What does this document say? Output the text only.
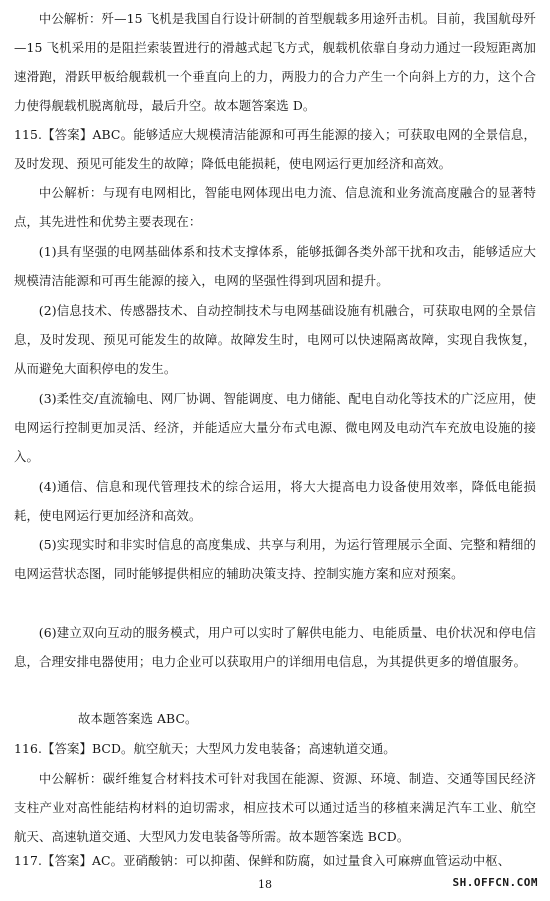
中公解析：歼—15 飞机是我国自行设计研制的首型舰载多用途歼击机。目前，我国航母歼—15 飞机采用的是阻拦索装置进行的滑越式起飞方式，舰载机依靠自身动力通过一段短距离加速滑跑，滑跃甲板给舰载机一个垂直向上的力，两股力的合力产生一个向斜上方的力，这个合力使得舰载机脱离航母，最后升空。故本题答案选 D。

115.【答案】ABC。能够适应大规模清洁能源和可再生能源的接入；可获取电网的全景信息，及时发现、预见可能发生的故障；降低电能损耗，使电网运行更加经济和高效。

中公解析：与现有电网相比，智能电网体现出电力流、信息流和业务流高度融合的显著特点，其先进性和优势主要表现在：

(1)具有坚强的电网基础体系和技术支撑体系，能够抵御各类外部干扰和攻击，能够适应大规模清洁能源和可再生能源的接入，电网的坚强性得到巩固和提升。

(2)信息技术、传感器技术、自动控制技术与电网基础设施有机融合，可获取电网的全景信息，及时发现、预见可能发生的故障。故障发生时，电网可以快速隔离故障，实现自我恢复，从而避免大面积停电的发生。

(3)柔性交/直流输电、网厂协调、智能调度、电力储能、配电自动化等技术的广泛应用，使电网运行控制更加灵活、经济，并能适应大量分布式电源、微电网及电动汽车充放电设施的接入。

(4)通信、信息和现代管理技术的综合运用，将大大提高电力设备使用效率，降低电能损耗，使电网运行更加经济和高效。

(5)实现实时和非实时信息的高度集成、共享与利用，为运行管理展示全面、完整和精细的电网运营状态图，同时能够提供相应的辅助决策支持、控制实施方案和应对预案。

(6)建立双向互动的服务模式，用户可以实时了解供电能力、电能质量、电价状况和停电信息，合理安排电器使用；电力企业可以获取用户的详细用电信息，为其提供更多的增值服务。

故本题答案选 ABC。

116.【答案】BCD。航空航天；大型风力发电装备；高速轨道交通。

中公解析：碳纤维复合材料技术可针对我国在能源、资源、环境、制造、交通等国民经济支柱产业对高性能结构材料的迫切需求，相应技术可以通过适当的移植来满足汽车工业、航空航天、高速轨道交通、大型风力发电装备等所需。故本题答案选 BCD。

117.【答案】AC。亚硝酸钠：可以抑菌、保鲜和防腐，如过量食入可麻痹血管运动中枢、

18	SH.OFFCN.COM
